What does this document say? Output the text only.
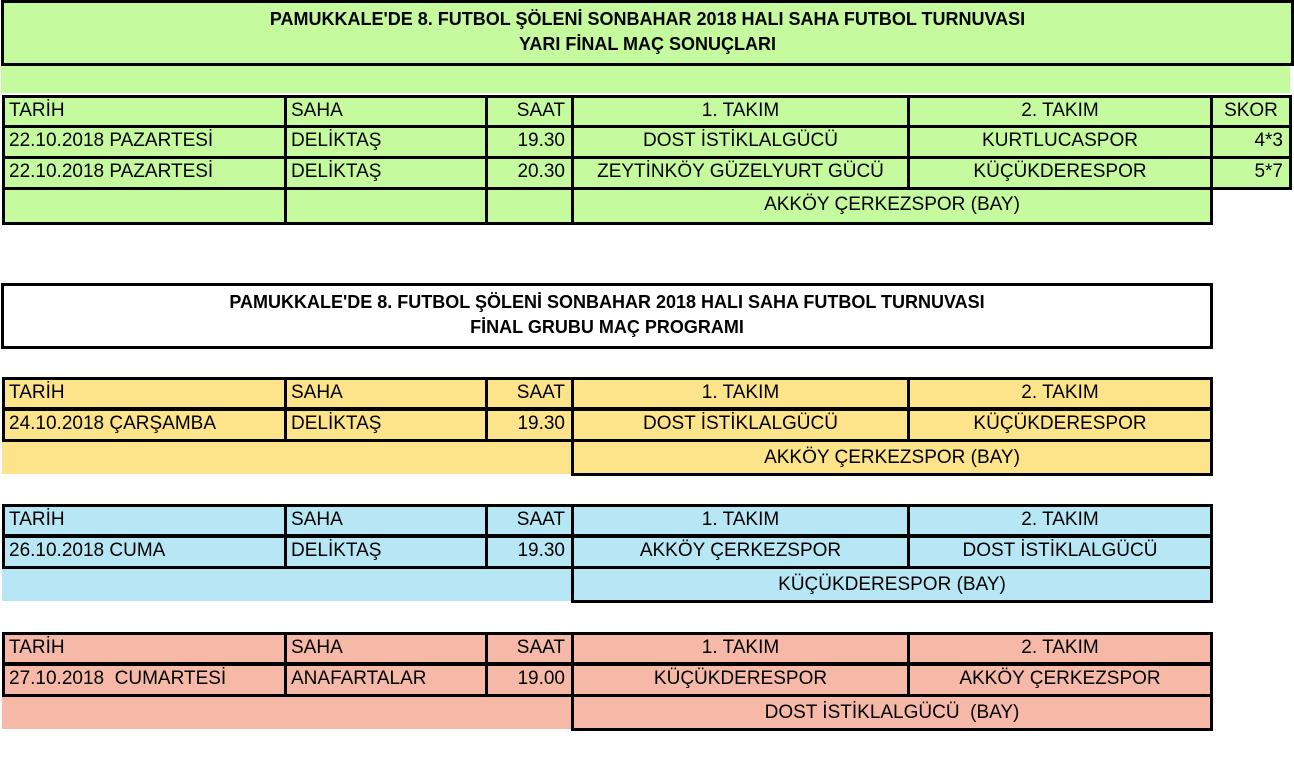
PAMUKKALE'DE 8. FUTBOL ŞÖLENİ SONBAHAR 2018 HALI SAHA FUTBOL TURNUVASI
YARI FİNAL MAÇ SONUÇLARI
TARİH	SAHA	SAAT	1. TAKIM	2. TAKIM	SKOR
22.10.2018 PAZARTESİ	DELİKTAŞ	19.30	DOST İSTİKLALGÜCÜ	KURTLUCASPOR	4*3
22.10.2018 PAZARTESİ	DELİKTAŞ	20.30	ZEYTİNKÖY GÜZELYURT GÜCÜ	KÜÇÜKDERESPOR	5*7
AKKÖY ÇERKEZSPOR (BAY)
PAMUKKALE'DE 8. FUTBOL ŞÖLENİ SONBAHAR 2018 HALI SAHA FUTBOL TURNUVASI
FİNAL GRUBU MAÇ PROGRAMI
TARİH	SAHA	SAAT	1. TAKIM	2. TAKIM
24.10.2018 ÇARŞAMBA	DELİKTAŞ	19.30	DOST İSTİKLALGÜCÜ	KÜÇÜKDERESPOR
AKKÖY ÇERKEZSPOR (BAY)
TARİH	SAHA	SAAT	1. TAKIM	2. TAKIM
26.10.2018 CUMA	DELİKTAŞ	19.30	AKKÖY ÇERKEZSPOR	DOST İSTİKLALGÜCÜ
KÜÇÜKDERESPOR (BAY)
TARİH	SAHA	SAAT	1. TAKIM	2. TAKIM
27.10.2018  CUMARTESİ	ANAFARTALAR	19.00	KÜÇÜKDERESPOR	AKKÖY ÇERKEZSPOR
DOST İSTİKLALGÜCÜ  (BAY)
